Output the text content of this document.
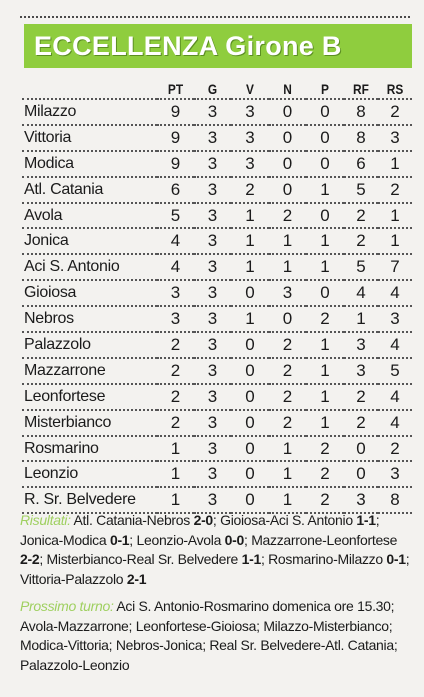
ECCELLENZA Girone B
	PT	G	V	N	P	RF	RS
Milazzo	9	3	3	0	0	8	2
Vittoria	9	3	3	0	0	8	3
Modica	9	3	3	0	0	6	1
Atl. Catania	6	3	2	0	1	5	2
Avola	5	3	1	2	0	2	1
Jonica	4	3	1	1	1	2	1
Aci S. Antonio	4	3	1	1	1	5	7
Gioiosa	3	3	0	3	0	4	4
Nebros	3	3	1	0	2	1	3
Palazzolo	2	3	0	2	1	3	4
Mazzarrone	2	3	0	2	1	3	5
Leonfortese	2	3	0	2	1	2	4
Misterbianco	2	3	0	2	1	2	4
Rosmarino	1	3	0	1	2	0	2
Leonzio	1	3	0	1	2	0	3
R. Sr. Belvedere	1	3	0	1	2	3	8
Risultati: Atl. Catania-Nebros 2-0; Gioiosa-Aci S. Antonio 1-1; Jonica-Modica 0-1; Leonzio-Avola 0-0; Mazzarrone-Leonfortese 2-2; Misterbianco-Real Sr. Belvedere 1-1; Rosmarino-Milazzo 0-1; Vittoria-Palazzolo 2-1
Prossimo turno: Aci S. Antonio-Rosmarino domenica ore 15.30; Avola-Mazzarrone; Leonfortese-Gioiosa; Milazzo-Misterbianco; Modica-Vittoria; Nebros-Jonica; Real Sr. Belvedere-Atl. Catania; Palazzolo-Leonzio
